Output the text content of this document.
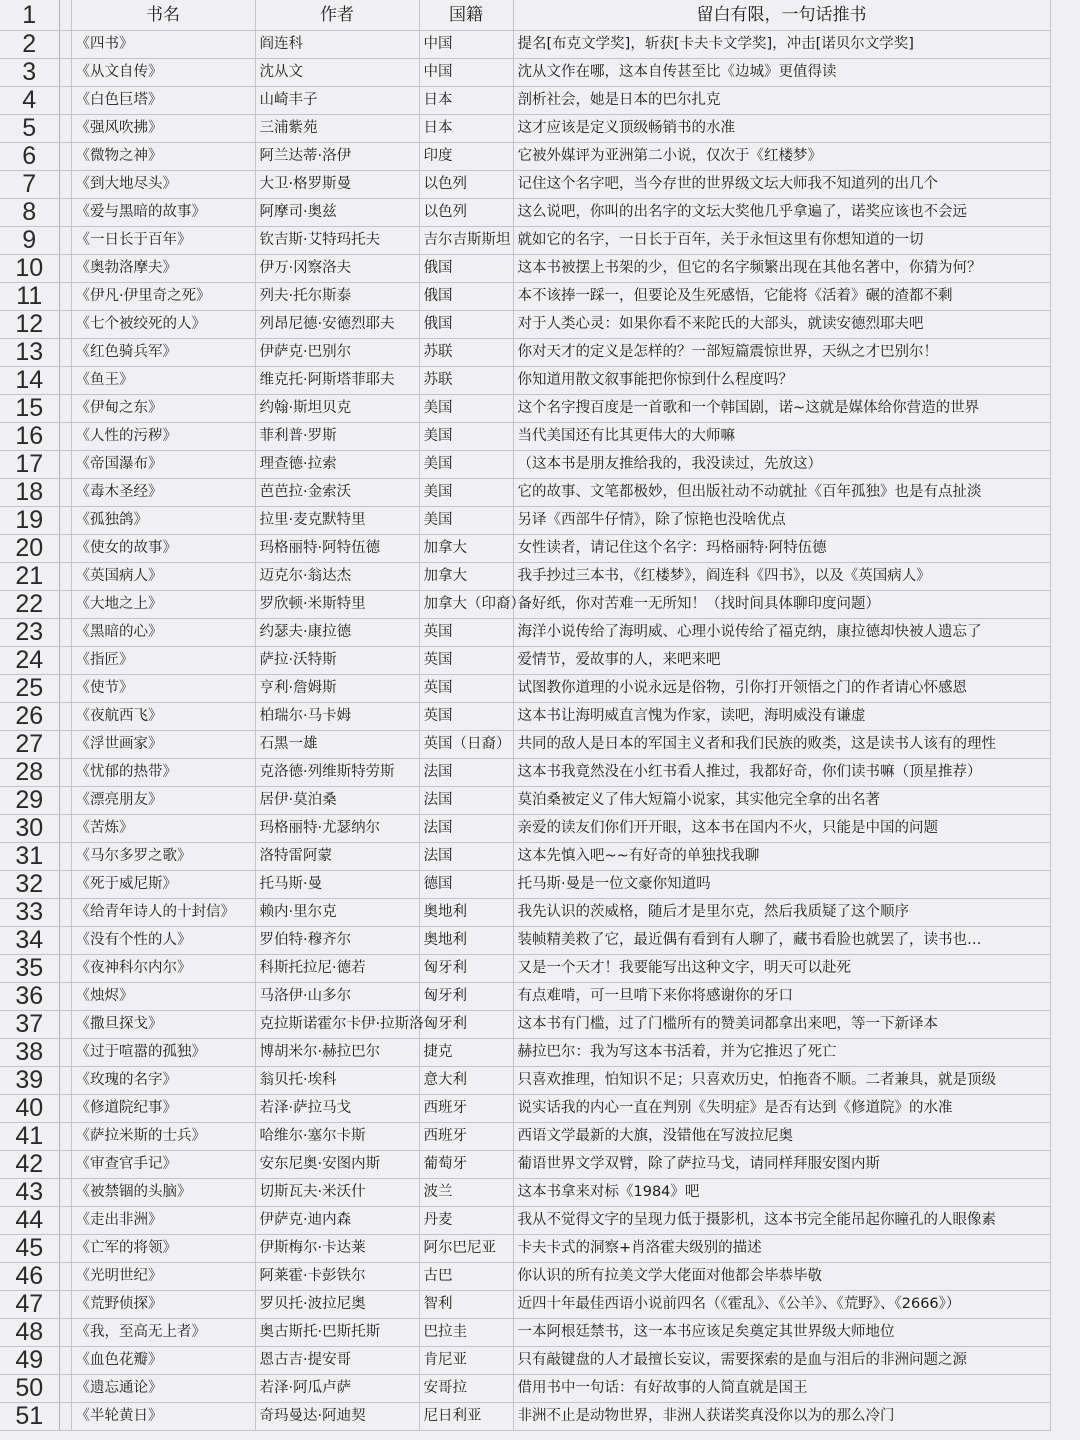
1		书名	作者	国籍	留白有限，一句话推书
2		《四书》	阎连科	中国	提名[布克文学奖]，斩获[卡夫卡文学奖]，冲击[诺贝尔文学奖]
3		《从文自传》	沈从文	中国	沈从文作在哪，这本自传甚至比《边城》更值得读
4		《白色巨塔》	山崎丰子	日本	剖析社会，她是日本的巴尔扎克
5		《强风吹拂》	三浦紫苑	日本	这才应该是定义顶级畅销书的水准
6		《微物之神》	阿兰达蒂·洛伊	印度	它被外媒评为亚洲第二小说，仅次于《红楼梦》
7		《到大地尽头》	大卫·格罗斯曼	以色列	记住这个名字吧，当今存世的世界级文坛大师我不知道列的出几个
8		《爱与黑暗的故事》	阿摩司·奥兹	以色列	这么说吧，你叫的出名字的文坛大奖他几乎拿遍了，诺奖应该也不会远
9		《一日长于百年》	钦吉斯·艾特玛托夫	吉尔吉斯斯坦	就如它的名字，一日长于百年，关于永恒这里有你想知道的一切
10		《奥勃洛摩夫》	伊万·冈察洛夫	俄国	这本书被摆上书架的少，但它的名字频繁出现在其他名著中，你猜为何？
11		《伊凡·伊里奇之死》	列夫·托尔斯泰	俄国	本不该捧一踩一，但要论及生死感悟，它能将《活着》碾的渣都不剩
12		《七个被绞死的人》	列昂尼德·安德烈耶夫	俄国	对于人类心灵：如果你看不来陀氏的大部头，就读安德烈耶夫吧
13		《红色骑兵军》	伊萨克·巴别尔	苏联	你对天才的定义是怎样的？一部短篇震惊世界，天纵之才巴别尔！
14		《鱼王》	维克托·阿斯塔菲耶夫	苏联	你知道用散文叙事能把你惊到什么程度吗？
15		《伊甸之东》	约翰·斯坦贝克	美国	这个名字搜百度是一首歌和一个韩国剧，诺~这就是媒体给你营造的世界
16		《人性的污秽》	菲利普·罗斯	美国	当代美国还有比其更伟大的大师嘛
17		《帝国瀑布》	理查德·拉索	美国	（这本书是朋友推给我的，我没读过，先放这）
18		《毒木圣经》	芭芭拉·金索沃	美国	它的故事、文笔都极妙，但出版社动不动就扯《百年孤独》也是有点扯淡
19		《孤独鸽》	拉里·麦克默特里	美国	另译《西部牛仔情》，除了惊艳也没啥优点
20		《使女的故事》	玛格丽特·阿特伍德	加拿大	女性读者，请记住这个名字：玛格丽特·阿特伍德
21		《英国病人》	迈克尔·翁达杰	加拿大	我手抄过三本书，《红楼梦》，阎连科《四书》，以及《英国病人》
22		《大地之上》	罗欣顿·米斯特里	加拿大（印裔）	备好纸，你对苦难一无所知！（找时间具体聊印度问题）
23		《黑暗的心》	约瑟夫·康拉德	英国	海洋小说传给了海明威、心理小说传给了福克纳，康拉德却快被人遗忘了
24		《指匠》	萨拉·沃特斯	英国	爱情节，爱故事的人，来吧来吧
25		《使节》	亨利·詹姆斯	英国	试图教你道理的小说永远是俗物，引你打开领悟之门的作者请心怀感恩
26		《夜航西飞》	柏瑞尔·马卡姆	英国	这本书让海明威直言愧为作家，读吧，海明威没有谦虚
27		《浮世画家》	石黑一雄	英国（日裔）	共同的敌人是日本的军国主义者和我们民族的败类，这是读书人该有的理性
28		《忧郁的热带》	克洛德·列维斯特劳斯	法国	这本书我竟然没在小红书看人推过，我都好奇，你们读书嘛（顶星推荐）
29		《漂亮朋友》	居伊·莫泊桑	法国	莫泊桑被定义了伟大短篇小说家，其实他完全拿的出名著
30		《苦炼》	玛格丽特·尤瑟纳尔	法国	亲爱的读友们你们开开眼，这本书在国内不火，只能是中国的问题
31		《马尔多罗之歌》	洛特雷阿蒙	法国	这本先慎入吧~~有好奇的单独找我聊
32		《死于威尼斯》	托马斯·曼	德国	托马斯·曼是一位文豪你知道吗
33		《给青年诗人的十封信》	赖内·里尔克	奥地利	我先认识的茨威格，随后才是里尔克，然后我质疑了这个顺序
34		《没有个性的人》	罗伯特·穆齐尔	奥地利	装帧精美救了它，最近偶有看到有人聊了，藏书看脸也就罢了，读书也…
35		《夜神科尔内尔》	科斯托拉尼·德若	匈牙利	又是一个天才！我要能写出这种文字，明天可以赴死
36		《烛烬》	马洛伊·山多尔	匈牙利	有点难啃，可一旦啃下来你将感谢你的牙口
37		《撒旦探戈》	克拉斯诺霍尔卡伊·拉斯洛	匈牙利	这本书有门槛，过了门槛所有的赞美词都拿出来吧，等一下新译本
38		《过于喧嚣的孤独》	博胡米尔·赫拉巴尔	捷克	赫拉巴尔：我为写这本书活着，并为它推迟了死亡
39		《玫瑰的名字》	翁贝托·埃科	意大利	只喜欢推理，怕知识不足；只喜欢历史，怕拖沓不顺。二者兼具，就是顶级
40		《修道院纪事》	若泽·萨拉马戈	西班牙	说实话我的内心一直在判别《失明症》是否有达到《修道院》的水准
41		《萨拉米斯的士兵》	哈维尔·塞尔卡斯	西班牙	西语文学最新的大旗，没错他在写波拉尼奥
42		《审查官手记》	安东尼奥·安图内斯	葡萄牙	葡语世界文学双臂，除了萨拉马戈，请同样拜服安图内斯
43		《被禁锢的头脑》	切斯瓦夫·米沃什	波兰	这本书拿来对标《1984》吧
44		《走出非洲》	伊萨克·迪内森	丹麦	我从不觉得文字的呈现力低于摄影机，这本书完全能吊起你瞳孔的人眼像素
45		《亡军的将领》	伊斯梅尔·卡达莱	阿尔巴尼亚	卡夫卡式的洞察+肖洛霍夫级别的描述
46		《光明世纪》	阿莱霍·卡彭铁尔	古巴	你认识的所有拉美文学大佬面对他都会毕恭毕敬
47		《荒野侦探》	罗贝托·波拉尼奥	智利	近四十年最佳西语小说前四名（《霍乱》、《公羊》、《荒野》、《2666》）
48		《我，至高无上者》	奥古斯托·巴斯托斯	巴拉圭	一本阿根廷禁书，这一本书应该足矣奠定其世界级大师地位
49		《血色花瓣》	恩古吉·提安哥	肯尼亚	只有敲键盘的人才最擅长妄议，需要探索的是血与泪后的非洲问题之源
50		《遗忘通论》	若泽·阿瓜卢萨	安哥拉	借用书中一句话：有好故事的人简直就是国王
51		《半轮黄日》	奇玛曼达·阿迪契	尼日利亚	非洲不止是动物世界，非洲人获诺奖真没你以为的那么冷门
